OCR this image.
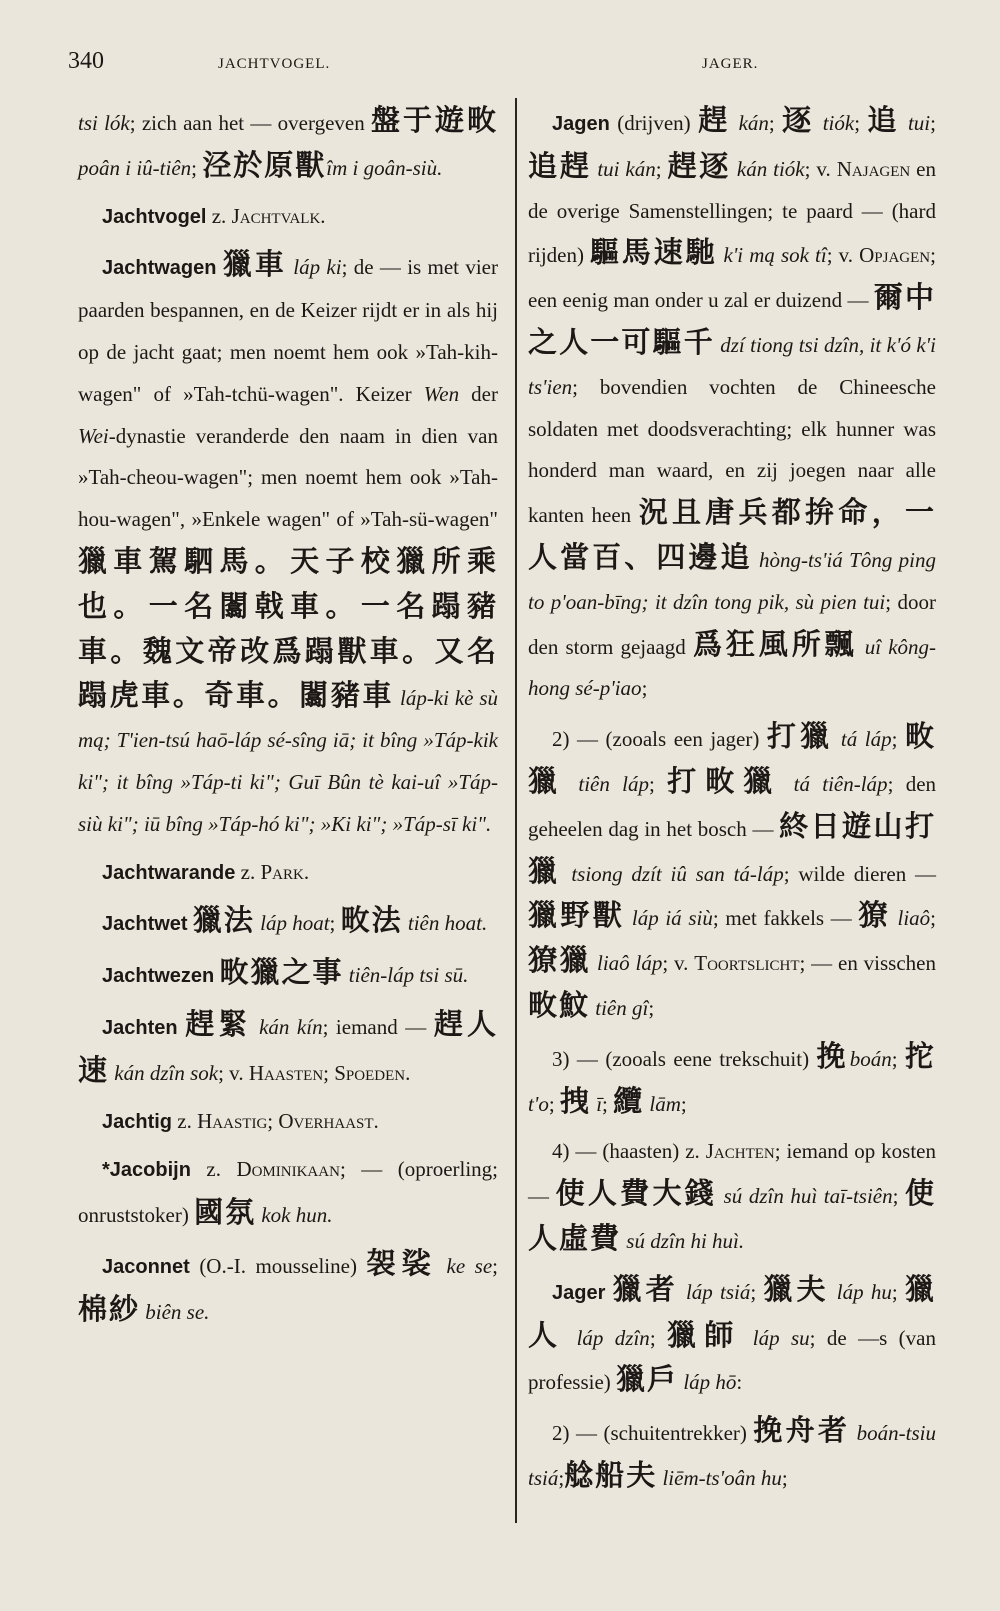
340	JACHTVOGEL.	JAGER.

tsi lók; zich aan het — overgeven 盤于遊畋poân i iû-tiên; 泾於原獸îm i goân-siù.

Jachtvogel z. Jachtvalk.

Jachtwagen 獵車 láp ki; de — is met vier paarden bespannen, en de Keizer rijdt er in als hij op de jacht gaat; men noemt hem ook »Tah-kih-wagen" of »Tah-tchü-wagen". Keizer Wen der Wei-dynastie veranderde den naam in dien van »Tah-cheou-wagen"; men noemt hem ook »Tah-hou-wagen", »Enkele wagen" of »Tah-sü-wagen" 獵車駕駟馬。天子校獵所乘也。一名闟戟車。一名蹋豬車。魏文帝改爲蹋獸車。又名蹋虎車。奇車。闟豬車 láp-ki kè sù mą; T'ien-tsú haō-láp sé-sîng iā; it bîng »Táp-kik ki"; it bîng »Táp-ti ki"; Guī Bûn tè kai-uî »Táp-siù ki"; iū bîng »Táp-hó ki"; »Ki ki"; »Táp-sī ki".

Jachtwarande z. Park.

Jachtwet 獵法 láp hoat; 畋法 tiên hoat.

Jachtwezen 畋獵之事 tiên-láp tsi sū.

Jachten 趕緊 kán kín; iemand — 趕人速 kán dzîn sok; v. Haasten; Spoeden.

Jachtig z. Haastig; Overhaast.

*Jacobijn z. Dominikaan; — (oproerling; onruststoker) 國氛 kok hun.

Jaconnet (O.-I. mousseline) 袈裟 ke se; 棉紗 biên se.

Jagen (drijven) 趕 kán; 逐 tiók; 追 tui; 追趕 tui kán; 趕逐 kán tiók; v. Najagen en de overige Samenstellingen; te paard — (hard rijden) 驅馬速馳 k'i mą sok tî; v. Opjagen; een eenig man onder u zal er duizend — 爾中之人一可驅千 dzí tiong tsi dzîn, it k'ó k'i ts'ien; bovendien vochten de Chineesche soldaten met doodsverachting; elk hunner was honderd man waard, en zij joegen naar alle kanten heen 況且唐兵都拚命，一人當百、四邊追 hòng-ts'iá Tông ping to p'oan-bīng; it dzîn tong pik, sù pien tui; door den storm gejaagd 爲狂風所飄 uî kông-hong sé-p'iao;

2) — (zooals een jager) 打獵 tá láp; 畋獵 tiên láp; 打畋獵 tá tiên-láp; den geheelen dag in het bosch — 終日遊山打獵 tsiong dzít iû san tá-láp; wilde dieren — 獵野獸 láp iá siù; met fakkels — 獠 liaô; 獠獵 liaô láp; v. Toortslicht; — en visschen 畋魰 tiên gî;

3) — (zooals eene trekschuit) 挽boán; 拕 t'o; 拽 ī; 纜 lām;

4) — (haasten) z. Jachten; iemand op kosten — 使人費大錢 sú dzîn huì taī-tsiên; 使人虛費 sú dzîn hi huì.

Jager 獵者 láp tsiá; 獵夫 láp hu; 獵人 láp dzîn; 獵師 láp su; de —s (van professie) 獵戶 láp hō:

2) — (schuitentrekker) 挽舟者 boán-tsiu tsiá;艌船夫 liēm-ts'oân hu;
